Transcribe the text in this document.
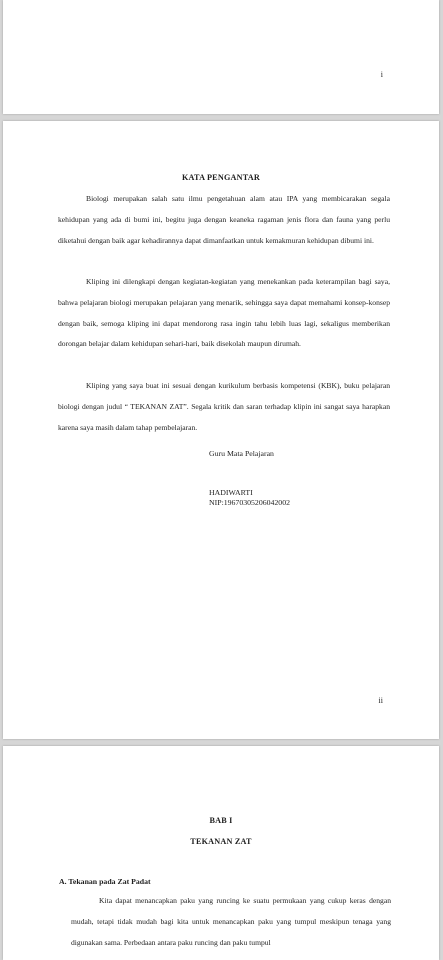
i
KATA PENGANTAR

Biologi merupakan salah satu ilmu pengetahuan alam atau IPA yang membicarakan segala kehidupan yang ada di bumi ini, begitu juga dengan keaneka ragaman jenis flora dan fauna yang perlu diketahui dengan baik agar kehadirannya dapat dimanfaatkan untuk kemakmuran kehidupan dibumi ini.

Kliping ini dilengkapi dengan kegiatan-kegiatan yang menekankan pada keterampilan bagi saya, bahwa pelajaran biologi merupakan pelajaran yang menarik, sehingga saya dapat memahami konsep-konsep dengan baik, semoga kliping ini dapat mendorong rasa ingin tahu lebih luas lagi, sekaligus memberikan dorongan belajar dalam kehidupan sehari-hari, baik disekolah maupun dirumah.

Kliping yang saya buat ini sesuai dengan kurikulum berbasis kompetensi (KBK), buku pelajaran biologi dengan judul “ TEKANAN ZAT”. Segala kritik dan saran terhadap klipin ini sangat saya harapkan karena saya masih dalam tahap pembelajaran.

Guru Mata Pelajaran
HADIWARTI
NIP:19670305206042002
ii
BAB I
TEKANAN ZAT
A. Tekanan pada Zat Padat

Kita dapat menancapkan paku yang runcing ke suatu permukaan yang cukup keras dengan mudah, tetapi tidak mudah bagi kita untuk menancapkan paku yang tumpul meskipun tenaga yang digunakan sama. Perbedaan antara paku runcing dan paku tumpul
